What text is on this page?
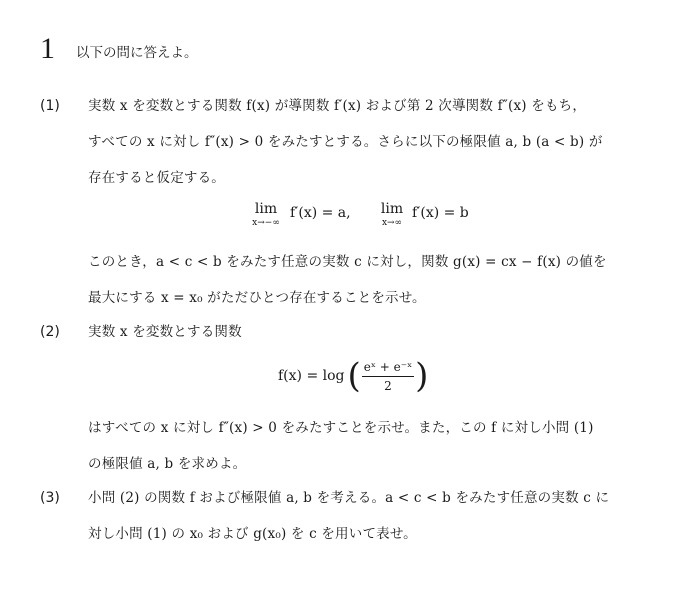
1 以下の問に答えよ。
(1) 実数 x を変数とする関数 f(x) が導関数 f′(x) および第 2 次導関数 f″(x) をもち，
すべての x に対し f″(x) > 0 をみたすとする。さらに以下の極限値 a, b (a < b) が
存在すると仮定する。
lim
x→−∞
f′(x) = a,	lim
x→∞
f′(x) = b
このとき，a < c < b をみたす任意の実数 c に対し，関数 g(x) = cx − f(x) の値を
最大にする x = x₀ がただひとつ存在することを示せ。
(2) 実数 x を変数とする関数
f(x) = log ( $\frac{\text{eˣ + e⁻ˣ}}{2}$ )
はすべての x に対し f″(x) > 0 をみたすことを示せ。また，この f に対し小問 (1)
の極限値 a, b を求めよ。
(3) 小問 (2) の関数 f および極限値 a, b を考える。a < c < b をみたす任意の実数 c に
対し小問 (1) の x₀ および g(x₀) を c を用いて表せ。
